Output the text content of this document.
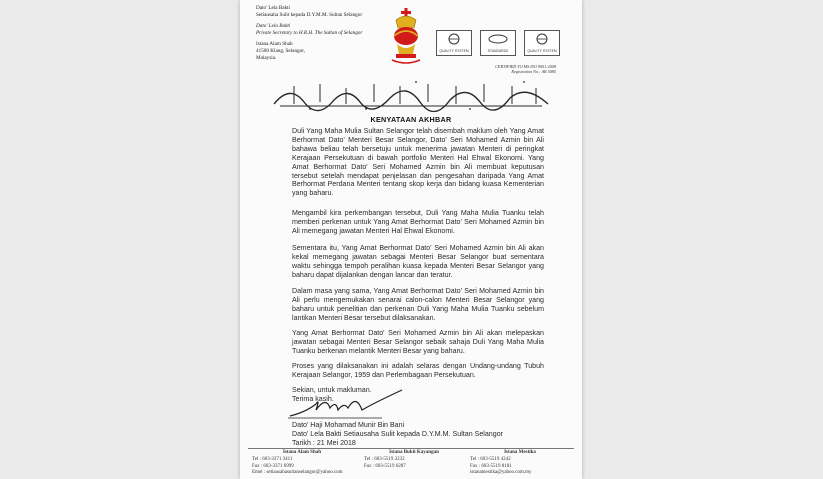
Dato' Lela Bakti
Setiausaha Sulit kepada D.Y.M.M. Sultan Selangor
Dato' Lela Bakti
Private Secretary to H.R.H. The Sultan of Selangor
Istana Alam Shah
41500 Klang, Selangor,
Malaysia.
QUALITY SYSTEM	STANDARDS	QUALITY SYSTEM
CERTIFIED TO MS ISO 9001:2008
Registration No.: AR 5085
KENYATAAN AKHBAR
Duli Yang Maha Mulia Sultan Selangor telah disembah maklum oleh Yang Amat Berhormat Dato' Menteri Besar Selangor, Dato' Seri Mohamed Azmin bin Ali bahawa beliau telah bersetuju untuk menerima jawatan Menteri di peringkat Kerajaan Persekutuan di bawah portfolio Menteri Hal Ehwal Ekonomi. Yang Amat Berhormat Dato' Seri Mohamed Azmin bin Ali membuat keputusan tersebut setelah mendapat penjelasan dan pengesahan daripada Yang Amat Berhormat Perdana Menteri tentang skop kerja dan bidang kuasa Kementerian yang baharu.
Mengambil kira perkembangan tersebut, Duli Yang Maha Mulia Tuanku telah memberi perkenan untuk Yang Amat Berhormat Dato' Seri Mohamed Azmin bin Ali memegang jawatan Menteri Hal Ehwal Ekonomi.
Sementara itu, Yang Amat Berhormat Dato' Seri Mohamed Azmin bin Ali akan kekal memegang jawatan sebagai Menteri Besar Selangor buat sementara waktu sehingga tempoh peralihan kuasa kepada Menteri Besar Selangor yang baharu dapat dijalankan dengan lancar dan teratur.
Dalam masa yang sama, Yang Amat Berhormat Dato' Seri Mohamed Azmin bin Ali perlu mengemukakan senarai calon-calon Menteri Besar Selangor yang baharu untuk penelitian dan perkenan Duli Yang Maha Mulia Tuanku sebelum lantikan Menteri Besar tersebut dilaksanakan.
Yang Amat Berhormat Dato' Seri Mohamed Azmin bin Ali akan melepaskan jawatan sebagai Menteri Besar Selangor sebaik sahaja Duli Yang Maha Mulia Tuanku berkenan melantik Menteri Besar yang baharu.
Proses yang dilaksanakan ini adalah selaras dengan Undang-undang Tubuh Kerajaan Selangor, 1959 dan Perlembagaan Persekutuan.
Sekian, untuk makluman.
Terima kasih.
Dato' Haji Mohamad Munir Bin Bani
Dato' Lela Bakti Setiausaha Sulit kepada D.Y.M.M. Sultan Selangor
Tarikh : 21 Mei 2018
Istana Alam Shah
Tel : 603-3371 3411
Fax : 603-3371 6999
Emel : setiausahasultanselangor@yahoo.com
Istana Bukit Kayangan
Tel : 603-5519 3232
Fax : 603-5519 6287
Istana Mestika
Tel : 603-5519 4242
Fax : 603-5519 8181
istanamestika@yahoo.com.my
